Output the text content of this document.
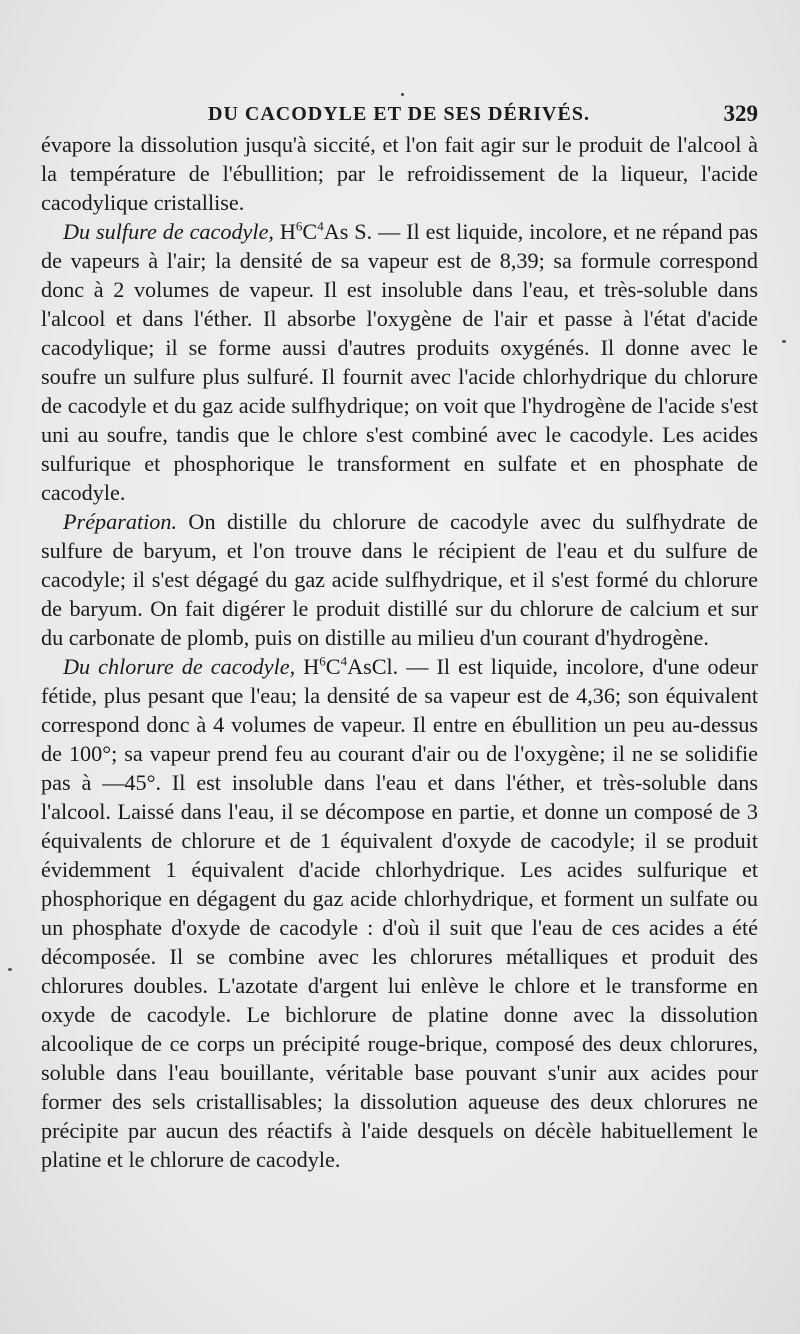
DU CACODYLE ET DE SES DÉRIVÉS.	329

évapore la dissolution jusqu'à siccité, et l'on fait agir sur le produit de l'alcool à la température de l'ébullition; par le refroidissement de la liqueur, l'acide cacodylique cristallise.

Du sulfure de cacodyle, $H^6C^4As$ S. — Il est liquide, incolore, et ne répand pas de vapeurs à l'air; la densité de sa vapeur est de 8,39; sa formule correspond donc à 2 volumes de vapeur. Il est insoluble dans l'eau, et très-soluble dans l'alcool et dans l'éther. Il absorbe l'oxygène de l'air et passe à l'état d'acide cacodylique; il se forme aussi d'autres produits oxygénés. Il donne avec le soufre un sulfure plus sulfuré. Il fournit avec l'acide chlorhydrique du chlorure de cacodyle et du gaz acide sulfhydrique; on voit que l'hydrogène de l'acide s'est uni au soufre, tandis que le chlore s'est combiné avec le cacodyle. Les acides sulfurique et phosphorique le transforment en sulfate et en phosphate de cacodyle.

Préparation. On distille du chlorure de cacodyle avec du sulfhydrate de sulfure de baryum, et l'on trouve dans le récipient de l'eau et du sulfure de cacodyle; il s'est dégagé du gaz acide sulfhydrique, et il s'est formé du chlorure de baryum. On fait digérer le produit distillé sur du chlorure de calcium et sur du carbonate de plomb, puis on distille au milieu d'un courant d'hydrogène.

Du chlorure de cacodyle, $H^6C^4AsCl$. — Il est liquide, incolore, d'une odeur fétide, plus pesant que l'eau; la densité de sa vapeur est de 4,36; son équivalent correspond donc à 4 volumes de vapeur. Il entre en ébullition un peu au-dessus de 100°; sa vapeur prend feu au courant d'air ou de l'oxygène; il ne se solidifie pas à —45°. Il est insoluble dans l'eau et dans l'éther, et très-soluble dans l'alcool. Laissé dans l'eau, il se décompose en partie, et donne un composé de 3 équivalents de chlorure et de 1 équivalent d'oxyde de cacodyle; il se produit évidemment 1 équivalent d'acide chlorhydrique. Les acides sulfurique et phosphorique en dégagent du gaz acide chlorhydrique, et forment un sulfate ou un phosphate d'oxyde de cacodyle : d'où il suit que l'eau de ces acides a été décomposée. Il se combine avec les chlorures métalliques et produit des chlorures doubles. L'azotate d'argent lui enlève le chlore et le transforme en oxyde de cacodyle. Le bichlorure de platine donne avec la dissolution alcoolique de ce corps un précipité rouge-brique, composé des deux chlorures, soluble dans l'eau bouillante, véritable base pouvant s'unir aux acides pour former des sels cristallisables; la dissolution aqueuse des deux chlorures ne précipite par aucun des réactifs à l'aide desquels on décèle habituellement le platine et le chlorure de cacodyle.
